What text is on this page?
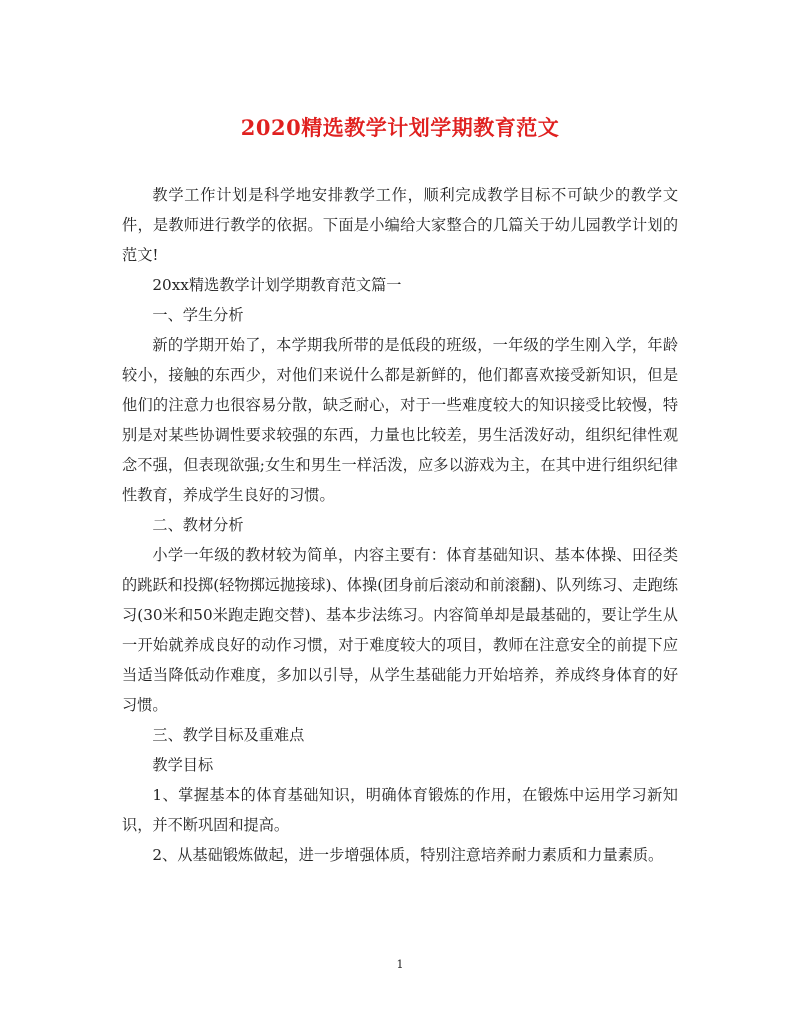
2020精选教学计划学期教育范文

教学工作计划是科学地安排教学工作，顺利完成教学目标不可缺少的教学文件，是教师进行教学的依据。下面是小编给大家整合的几篇关于幼儿园教学计划的范文!

20xx精选教学计划学期教育范文篇一

一、学生分析

新的学期开始了，本学期我所带的是低段的班级，一年级的学生刚入学，年龄较小，接触的东西少，对他们来说什么都是新鲜的，他们都喜欢接受新知识，但是他们的注意力也很容易分散，缺乏耐心，对于一些难度较大的知识接受比较慢，特别是对某些协调性要求较强的东西，力量也比较差，男生活泼好动，组织纪律性观念不强，但表现欲强;女生和男生一样活泼，应多以游戏为主，在其中进行组织纪律性教育，养成学生良好的习惯。

二、教材分析

小学一年级的教材较为简单，内容主要有：体育基础知识、基本体操、田径类的跳跃和投掷(轻物掷远抛接球)、体操(团身前后滚动和前滚翻)、队列练习、走跑练习(30米和50米跑走跑交替)、基本步法练习。内容简单却是最基础的，要让学生从一开始就养成良好的动作习惯，对于难度较大的项目，教师在注意安全的前提下应当适当降低动作难度，多加以引导，从学生基础能力开始培养，养成终身体育的好习惯。

三、教学目标及重难点

教学目标

1、掌握基本的体育基础知识，明确体育锻炼的作用，在锻炼中运用学习新知识，并不断巩固和提高。

2、从基础锻炼做起，进一步增强体质，特别注意培养耐力素质和力量素质。

1
